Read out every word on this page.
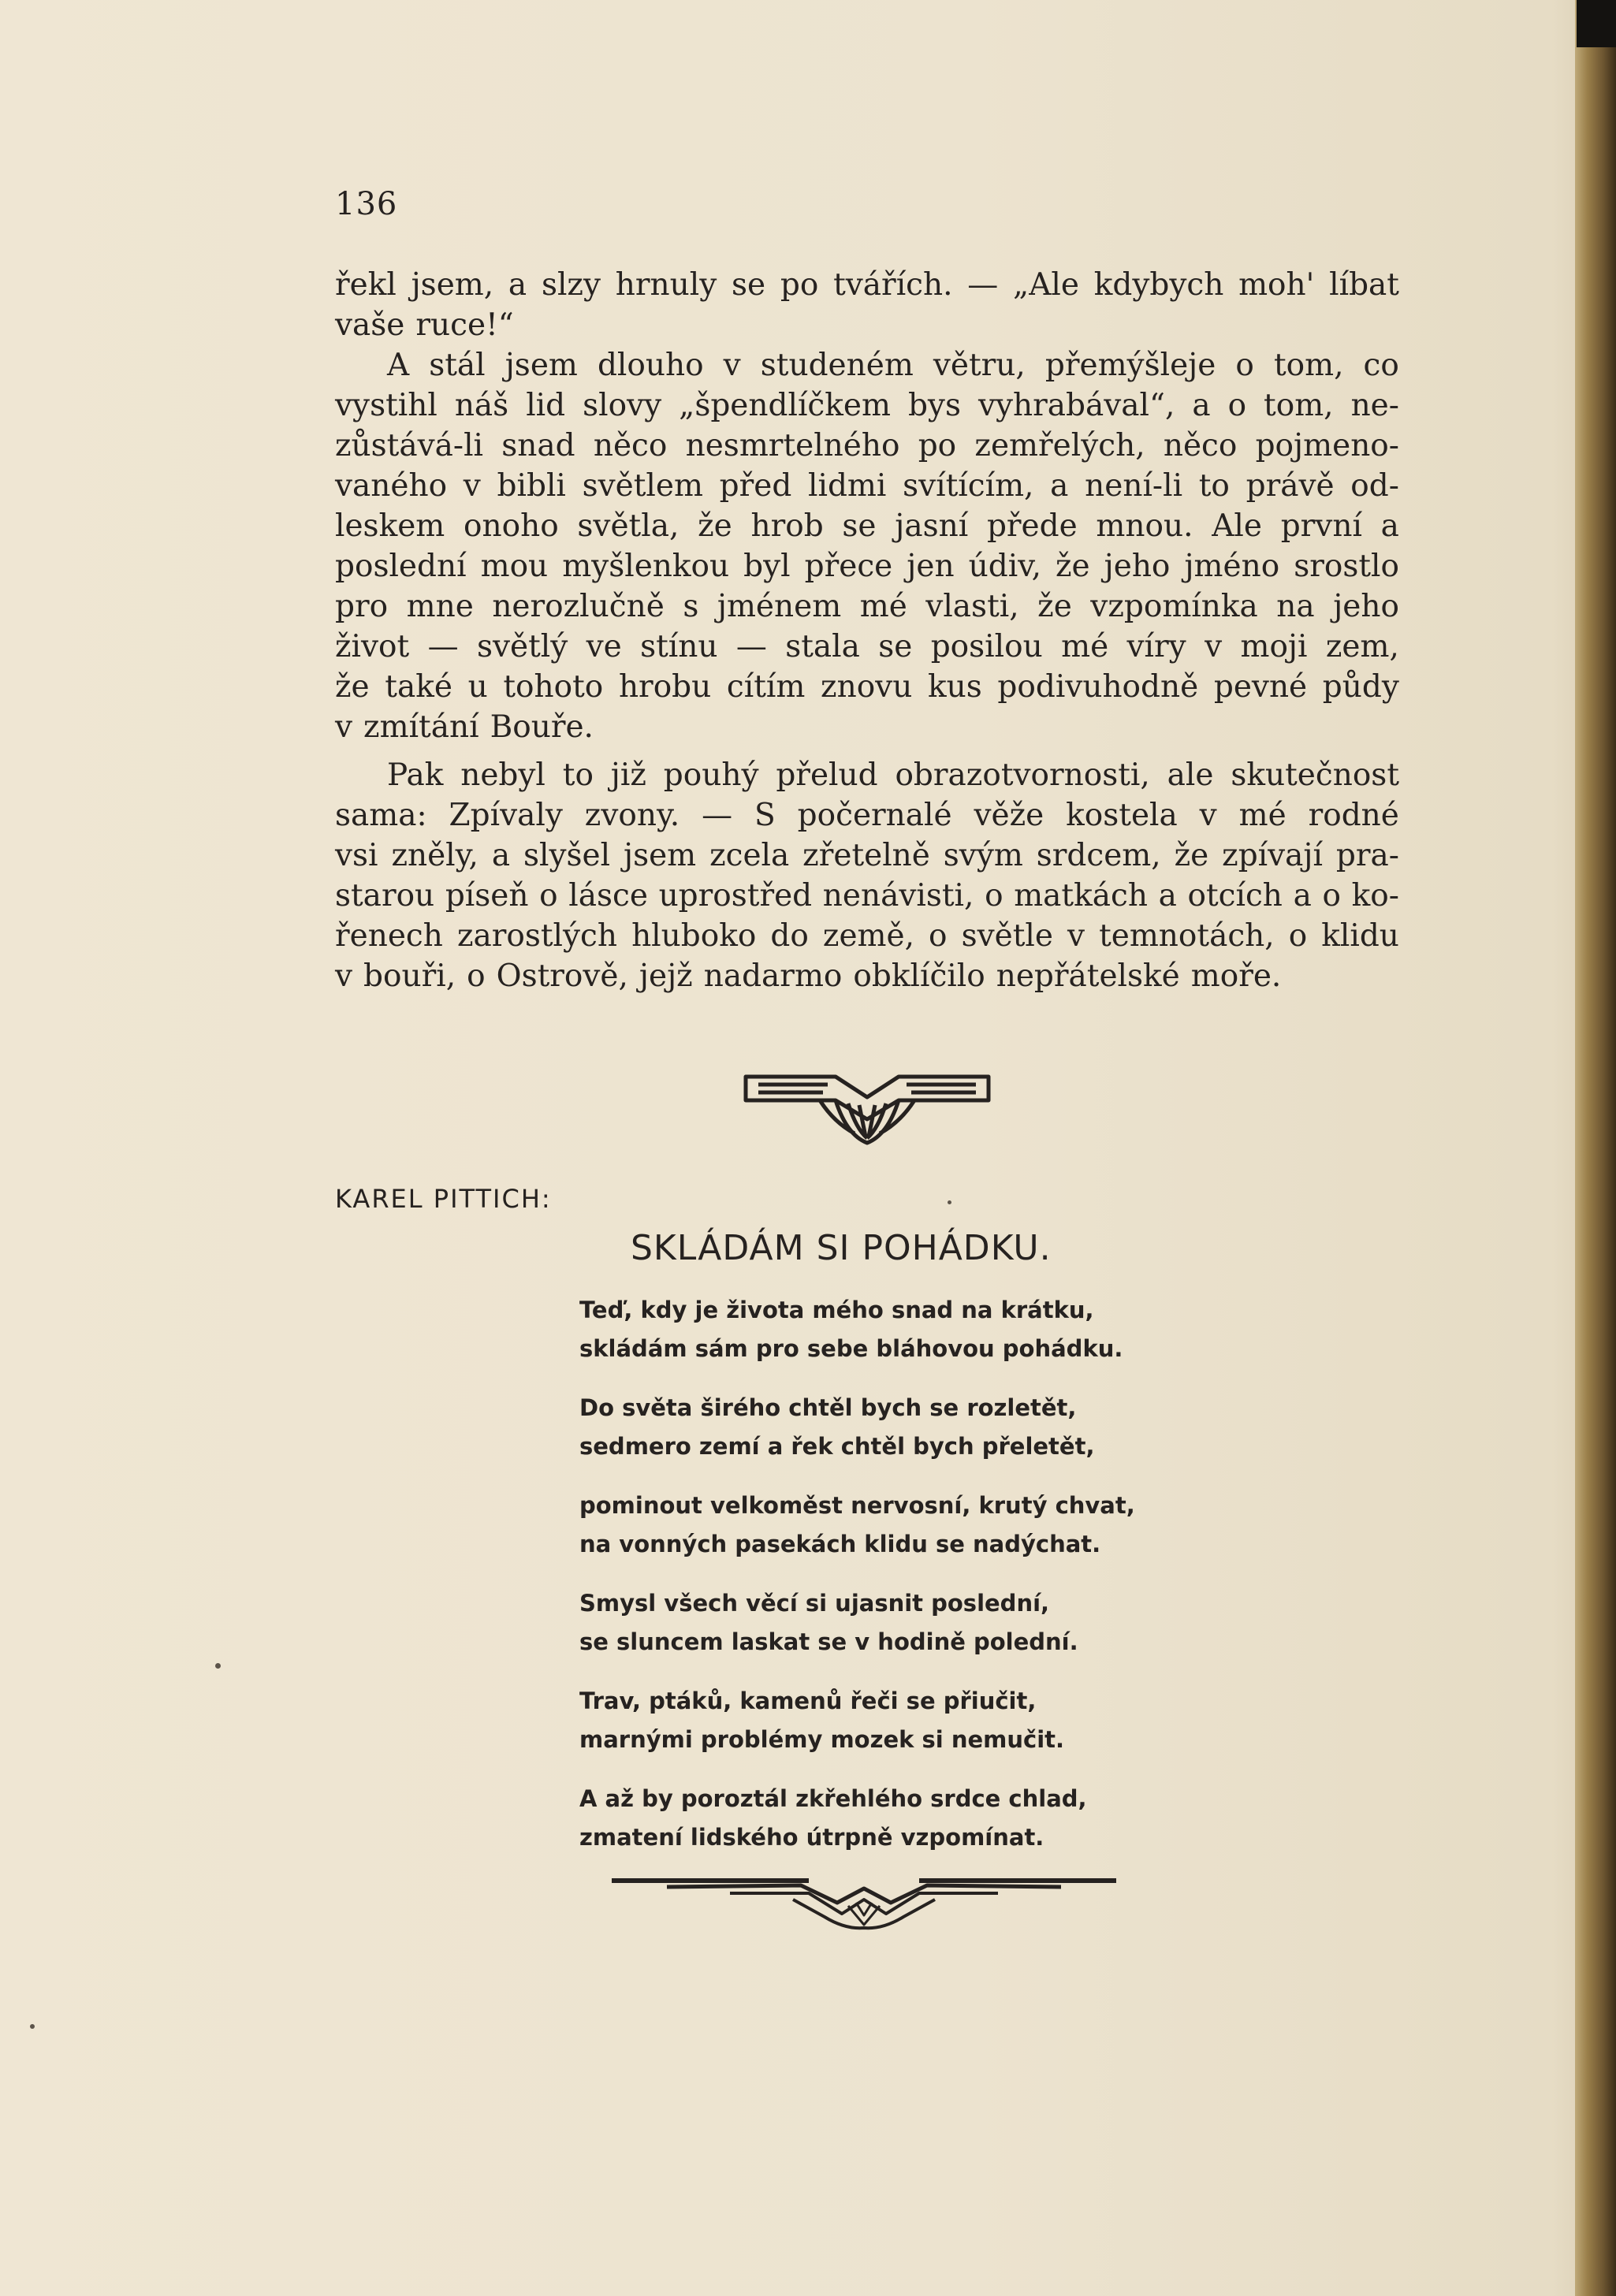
136
řekl jsem, a slzy hrnuly se po tvářích. — „Ale kdybych moh' líbat
vaše ruce!“
A stál jsem dlouho v studeném větru, přemýšleje o tom, co
vystihl náš lid slovy „špendlíčkem bys vyhrabával“, a o tom, ne-
zůstává-li snad něco nesmrtelného po zemřelých, něco pojmeno-
vaného v bibli světlem před lidmi svítícím, a není-li to právě od-
leskem onoho světla, že hrob se jasní přede mnou. Ale první a
poslední mou myšlenkou byl přece jen údiv, že jeho jméno srostlo
pro mne nerozlučně s jménem mé vlasti, že vzpomínka na jeho
život — světlý ve stínu — stala se posilou mé víry v moji zem,
že také u tohoto hrobu cítím znovu kus podivuhodně pevné půdy
v zmítání Bouře.
Pak nebyl to již pouhý přelud obrazotvornosti, ale skutečnost
sama: Zpívaly zvony. — S počernalé věže kostela v mé rodné
vsi zněly, a slyšel jsem zcela zřetelně svým srdcem, že zpívají pra-
starou píseň o lásce uprostřed nenávisti, o matkách a otcích a o ko-
řenech zarostlých hluboko do země, o světle v temnotách, o klidu
v bouři, o Ostrově, jejž nadarmo obklíčilo nepřátelské moře.
KAREL PITTICH:
SKLÁDÁM SI POHÁDKU.
Teď, kdy je života mého snad na krátku,
skládám sám pro sebe bláhovou pohádku.
Do světa širého chtěl bych se rozletět,
sedmero zemí a řek chtěl bych přeletět,
pominout velkoměst nervosní, krutý chvat,
na vonných pasekách klidu se nadýchat.
Smysl všech věcí si ujasnit poslední,
se sluncem laskat se v hodině polední.
Trav, ptáků, kamenů řeči se přiučit,
marnými problémy mozek si nemučit.
A až by poroztál zkřehlého srdce chlad,
zmatení lidského útrpně vzpomínat.
